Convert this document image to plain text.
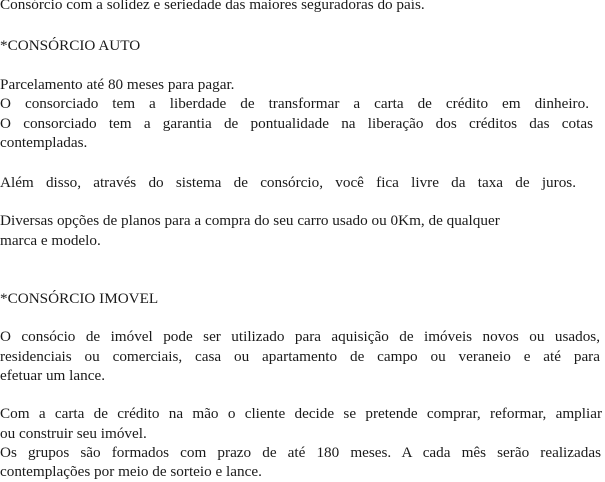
Consórcio com a solidez e seriedade das maiores seguradoras do país.
*CONSÓRCIO AUTO
Parcelamento até 80 meses para pagar.
O consorciado tem a liberdade de transformar a carta de crédito em dinheiro.
O consorciado tem a garantia de pontualidade na liberação dos créditos das cotas
contempladas.
Além disso, através do sistema de consórcio, você fica livre da taxa de juros.
Diversas opções de planos para a compra do seu carro usado ou 0Km, de qualquer
marca e modelo.
*CONSÓRCIO IMOVEL
O consócio de imóvel pode ser utilizado para aquisição de imóveis novos ou usados,
residenciais ou comerciais, casa ou apartamento de campo ou veraneio e até para
efetuar um lance.
Com a carta de crédito na mão o cliente decide se pretende comprar, reformar, ampliar
ou construir seu imóvel.
Os grupos são formados com prazo de até 180 meses. A cada mês serão realizadas
contemplações por meio de sorteio e lance.
